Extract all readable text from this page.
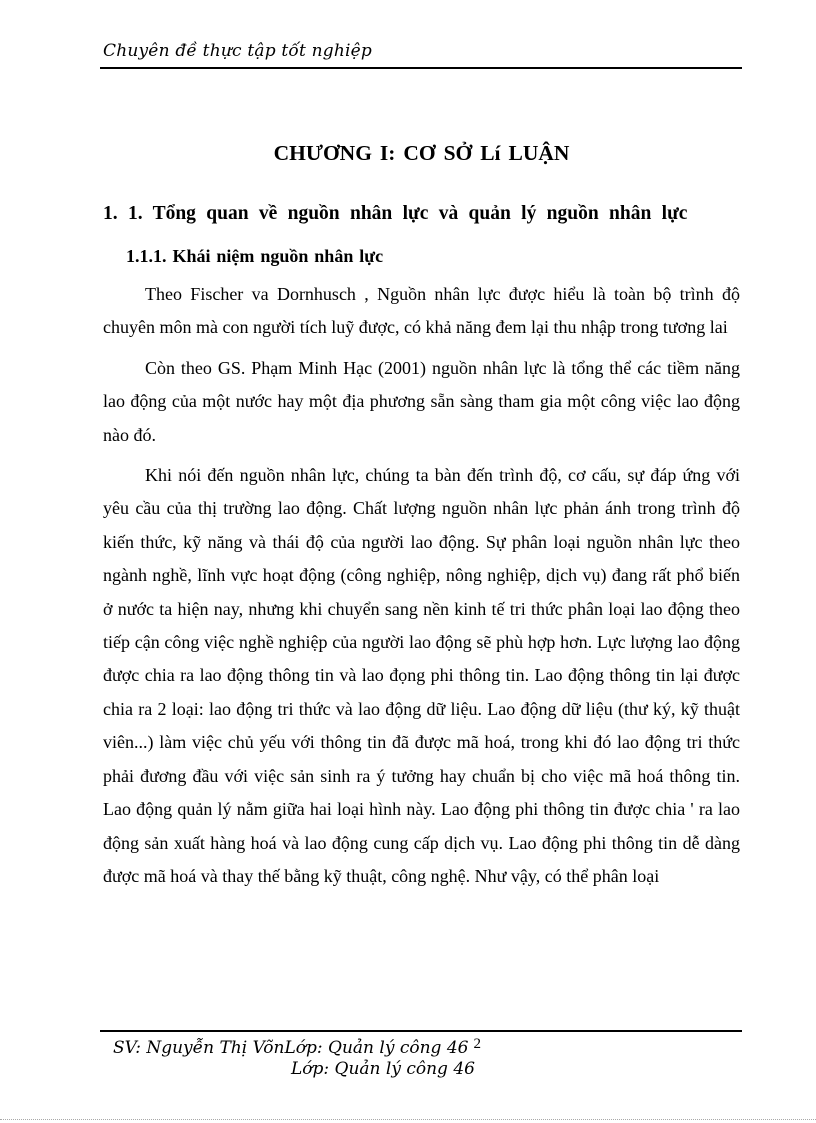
Chuyên đề thực tập tốt nghiệp
CHƯƠNG I: CƠ SỞ Lí LUẬN
1. 1. Tổng quan về nguồn nhân lực và quản lý nguồn nhân lực
1.1.1. Khái niệm nguồn nhân lực

Theo Fischer va Dornhusch , Nguồn nhân lực được hiểu là toàn bộ trình độ chuyên môn mà con người tích luỹ được, có khả năng đem lại thu nhập trong tương lai

Còn theo GS. Phạm Minh Hạc (2001) nguồn nhân lực là tổng thể các tiềm năng lao động của một nước hay một địa phương sẵn sàng tham gia một công việc lao động nào đó.

Khi nói đến nguồn nhân lực, chúng ta bàn đến trình độ, cơ cấu, sự đáp ứng với yêu cầu của thị trường lao động. Chất lượng nguồn nhân lực phản ánh trong trình độ kiến thức, kỹ năng và thái độ của người lao động. Sự phân loại nguồn nhân lực theo ngành nghề, lĩnh vực hoạt động (công nghiệp, nông nghiệp, dịch vụ) đang rất phổ biến ở nước ta hiện nay, nhưng khi chuyển sang nền kinh tế tri thức phân loại lao động theo tiếp cận công việc nghề nghiệp của người lao động sẽ phù hợp hơn. Lực lượng lao động được chia ra lao động thông tin và lao đọng phi thông tin. Lao động thông tin lại được chia ra 2 loại: lao động tri thức và lao động dữ liệu. Lao động dữ liệu (thư ký, kỹ thuật viên...) làm việc chủ yếu với thông tin đã được mã hoá, trong khi đó lao động tri thức phải đương đầu với việc sản sinh ra ý tưởng hay chuẩn bị cho việc mã hoá thông tin. Lao động quản lý nằm giữa hai loại hình này. Lao động phi thông tin được chia ' ra lao động sản xuất hàng hoá và lao động cung cấp dịch vụ. Lao động phi thông tin dễ dàng được mã hoá và thay thế bằng kỹ thuật, công nghệ. Như vậy, có thể phân loại

SV: Nguyễn Thị VõnLớp: Quản lý công 46 2
Lớp: Quản lý công 46
